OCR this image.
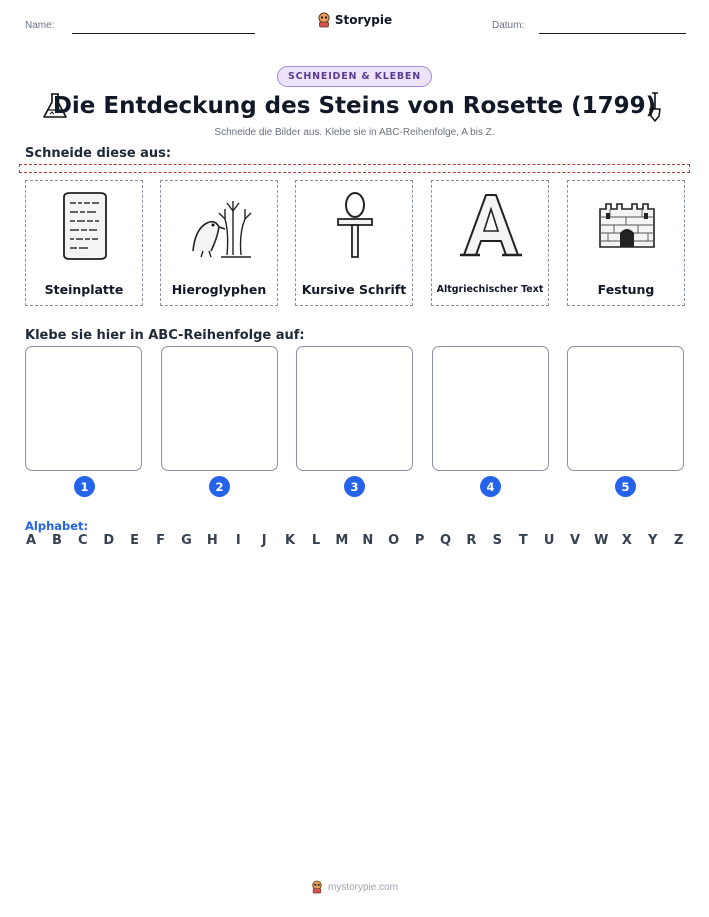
Name:	Storypie	Datum:
SCHNEIDEN & KLEBEN
Die Entdeckung des Steins von Rosette (1799)
Schneide die Bilder aus. Klebe sie in ABC-Reihenfolge, A bis Z.
Schneide diese aus:
Steinplatte	Hieroglyphen	Kursive Schrift	Altgriechischer Text	Festung
Klebe sie hier in ABC-Reihenfolge auf:
1	2	3	4	5
Alphabet:
A B C D E F G H	I	J	K L M N O P Q R S T U V W X Y Z
mystorypie.com
